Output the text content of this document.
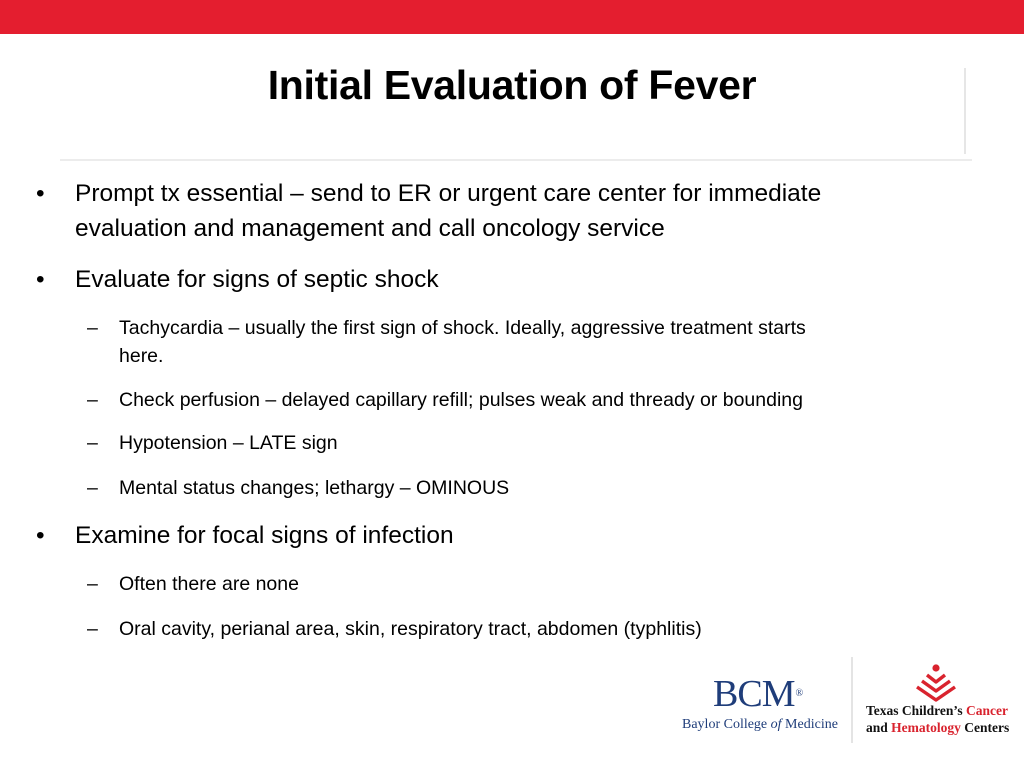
Initial Evaluation of Fever
•	Prompt tx essential – send to ER or urgent care center for immediate
evaluation and management and call oncology service
•	Evaluate for signs of septic shock
– Tachycardia – usually the first sign of shock. Ideally, aggressive treatment starts
here.
– Check perfusion – delayed capillary refill; pulses weak and thready or bounding
– Hypotension – LATE sign
– Mental status changes; lethargy – OMINOUS
•	Examine for focal signs of infection
– Often there are none
– Oral cavity, perianal area, skin, respiratory tract, abdomen (typhlitis)
BCM®
Baylor College of Medicine
Texas Children’s Cancer
and Hematology Centers
